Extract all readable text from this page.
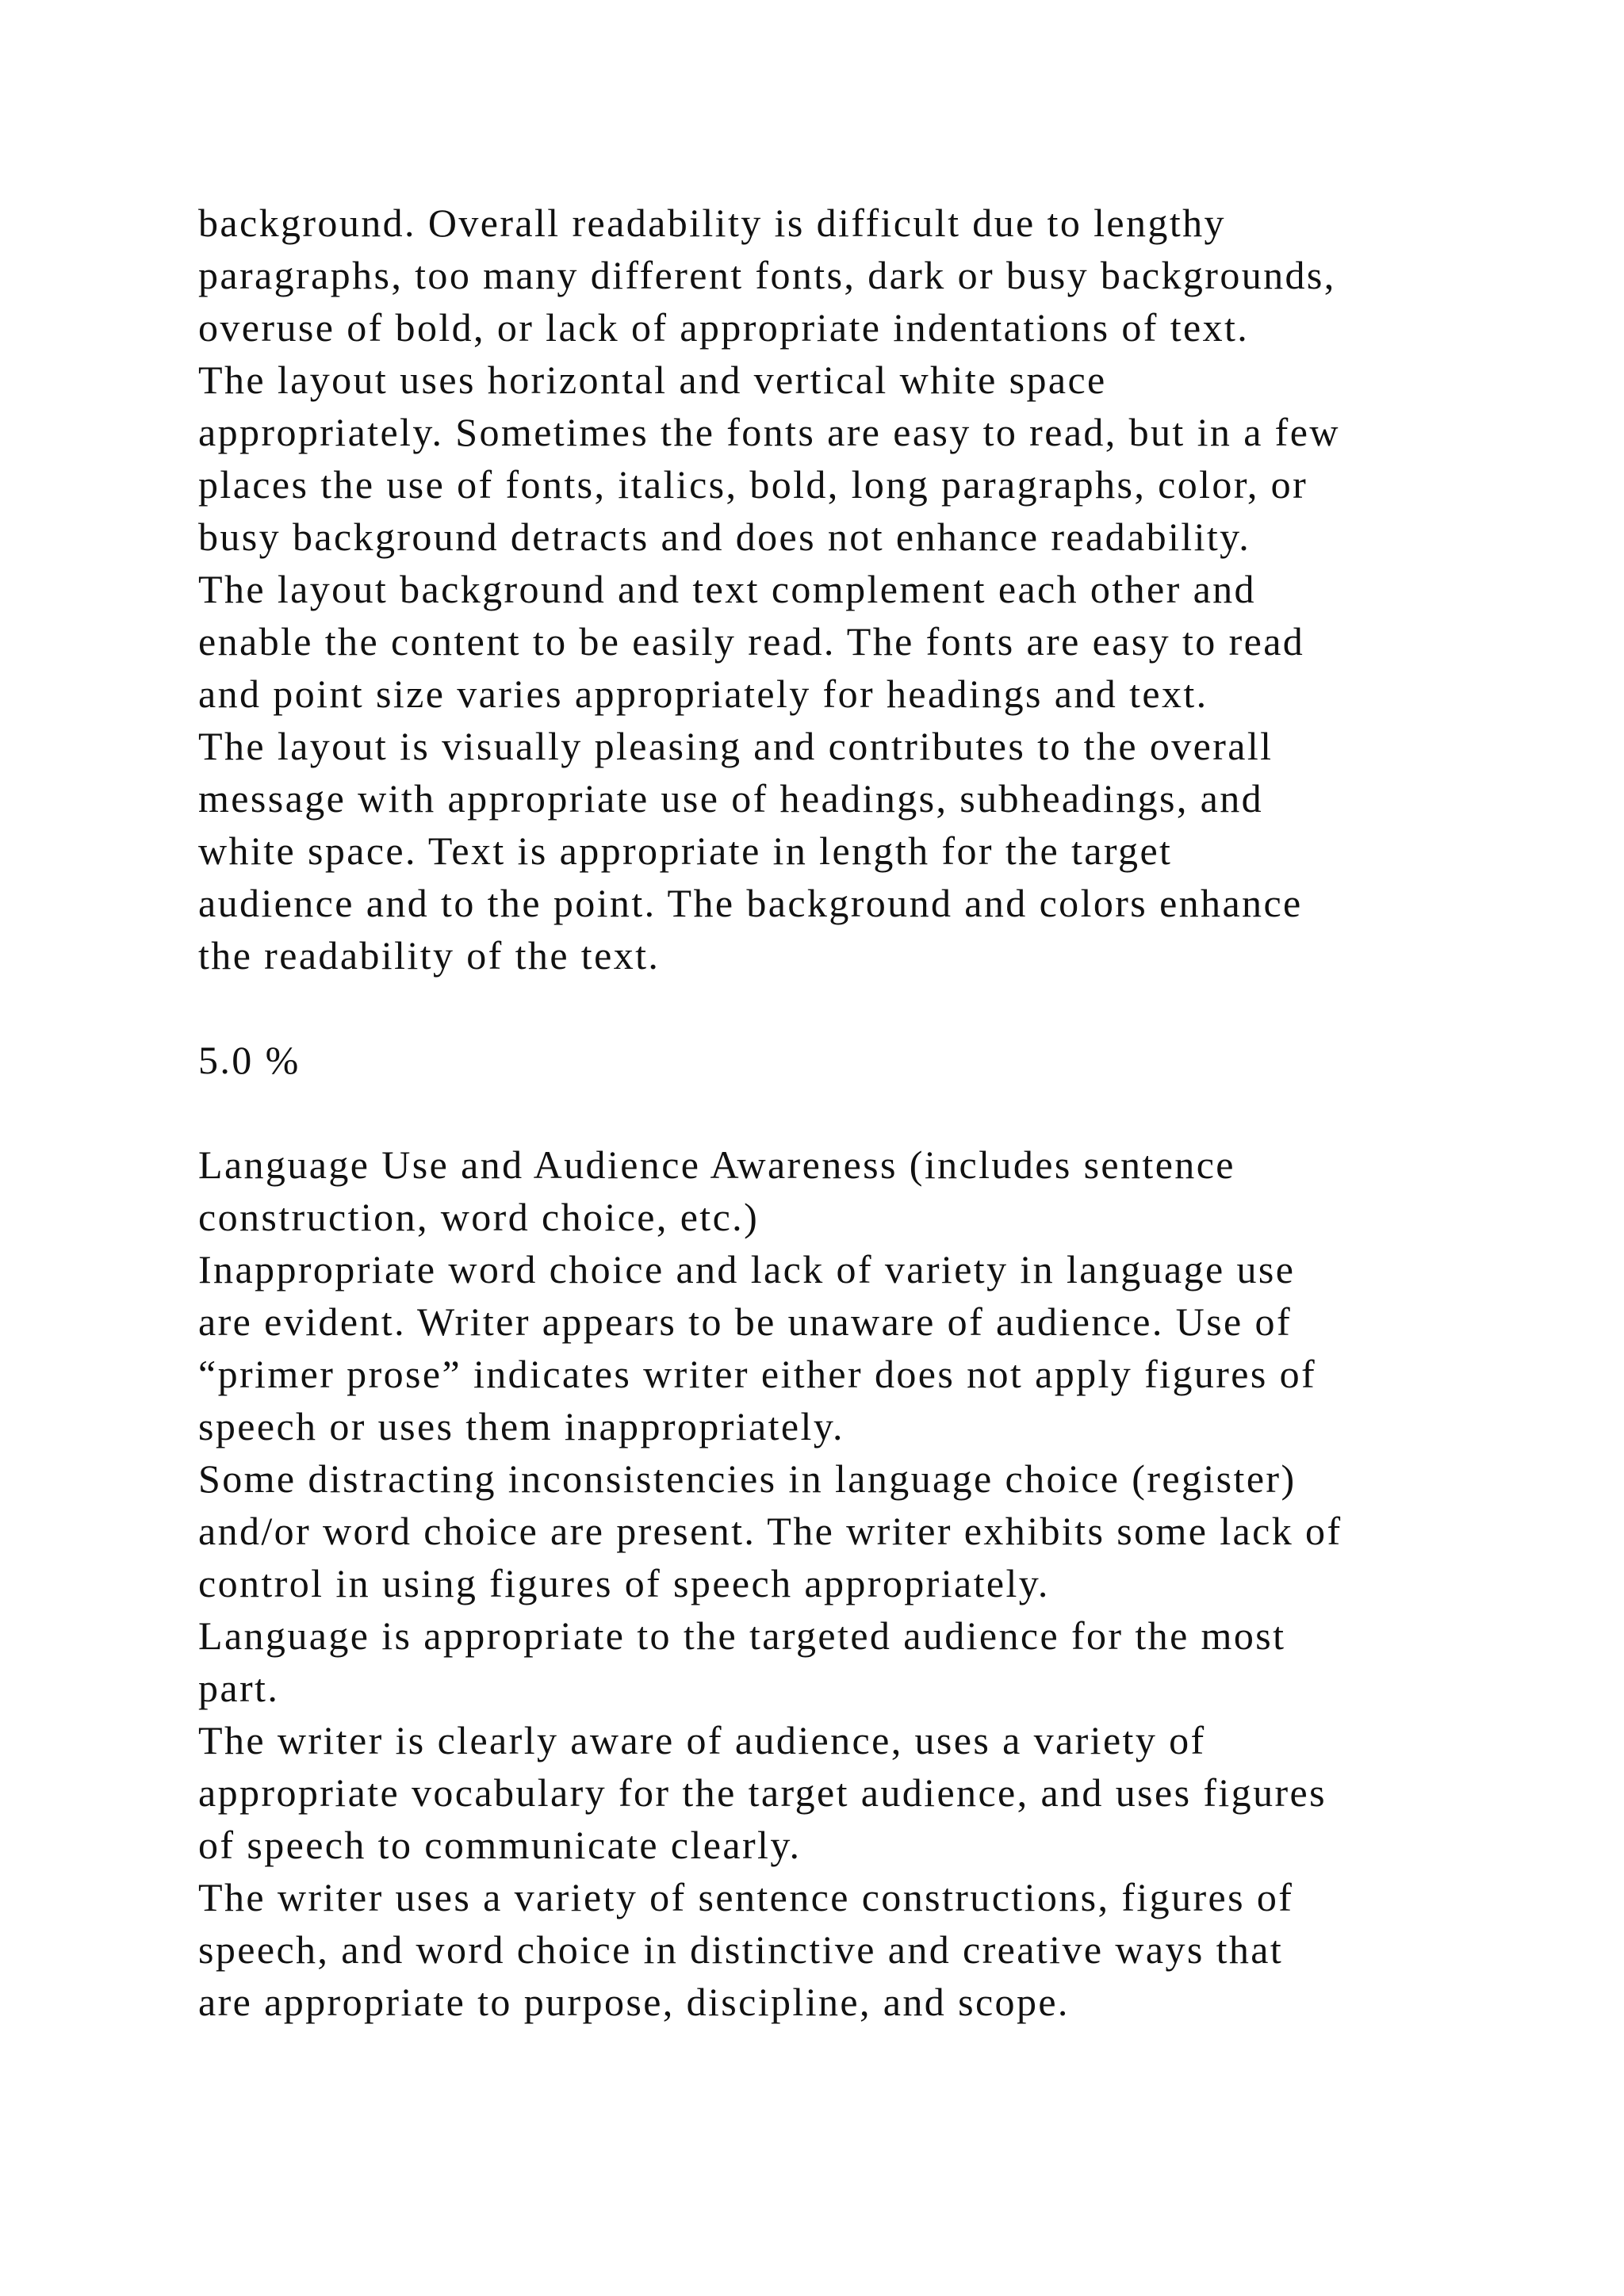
background. Overall readability is difficult due to lengthy
paragraphs, too many different fonts, dark or busy backgrounds,
overuse of bold, or lack of appropriate indentations of text.
The layout uses horizontal and vertical white space
appropriately. Sometimes the fonts are easy to read, but in a few
places the use of fonts, italics, bold, long paragraphs, color, or
busy background detracts and does not enhance readability.
The layout background and text complement each other and
enable the content to be easily read. The fonts are easy to read
and point size varies appropriately for headings and text.
The layout is visually pleasing and contributes to the overall
message with appropriate use of headings, subheadings, and
white space. Text is appropriate in length for the target
audience and to the point. The background and colors enhance
the readability of the text.
5.0 %
Language Use and Audience Awareness (includes sentence
construction, word choice, etc.)
Inappropriate word choice and lack of variety in language use
are evident. Writer appears to be unaware of audience. Use of
“primer prose” indicates writer either does not apply figures of
speech or uses them inappropriately.
Some distracting inconsistencies in language choice (register)
and/or word choice are present. The writer exhibits some lack of
control in using figures of speech appropriately.
Language is appropriate to the targeted audience for the most
part.
The writer is clearly aware of audience, uses a variety of
appropriate vocabulary for the target audience, and uses figures
of speech to communicate clearly.
The writer uses a variety of sentence constructions, figures of
speech, and word choice in distinctive and creative ways that
are appropriate to purpose, discipline, and scope.
